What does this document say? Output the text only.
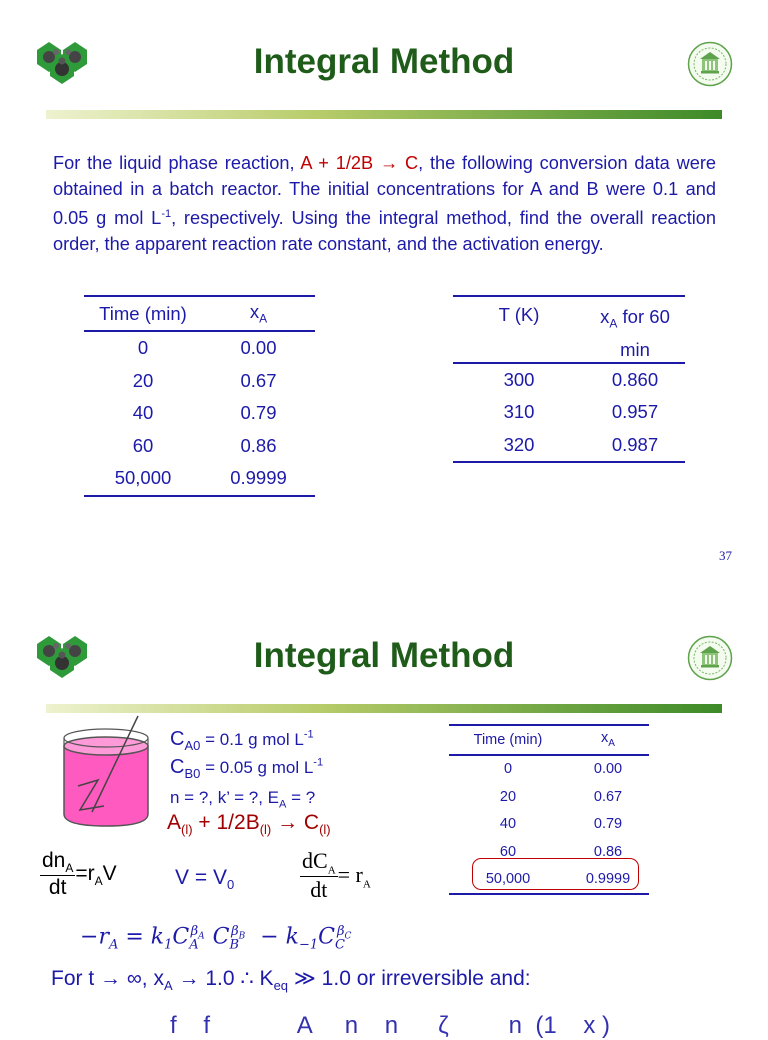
Integral Method
For the liquid phase reaction, A + 1/2B → C, the following conversion data were obtained in a batch reactor. The initial concentrations for A and B were 0.1 and 0.05 g mol $L^{-1}$, respectively. Using the integral method, find the overall reaction order, the apparent reaction rate constant, and the activation energy.
Time (min)	$x_A$
0	0.00
20	0.67
40	0.79
60	0.86
50,000	0.9999
T (K)	$x_A$ for 60
min
300	0.860
310	0.957
320	0.987
37
Integral Method
$C_{A0} = 0.1$ g mol $L^{-1}$
$C_{B0} = 0.05$ g mol $L^{-1}$
n = ?, k’ = ?, $E_A$ = ?
$A_{(l)} + 1/2B_{(l)} \to C_{(l)}$
$\frac{dn_A}{dt} =r_AV$	$V = V_0$	$\frac{dC_A}{dt} = r_A$
$-r_A = k_1C_A^{\beta_A}$ $C_B^{\beta_B} - k_{-1}C_C^{\beta_C}$
For t → ∞, $x_A \to 1.0$ ∴ $K_{eq}$ ≫ 1.0 or irreversible and:
f    f             A     n    n      ζ         n  (1    x )
Time (min)	$x_A$
0	0.00
20	0.67
40	0.79
60	0.86
50,000	0.9999
